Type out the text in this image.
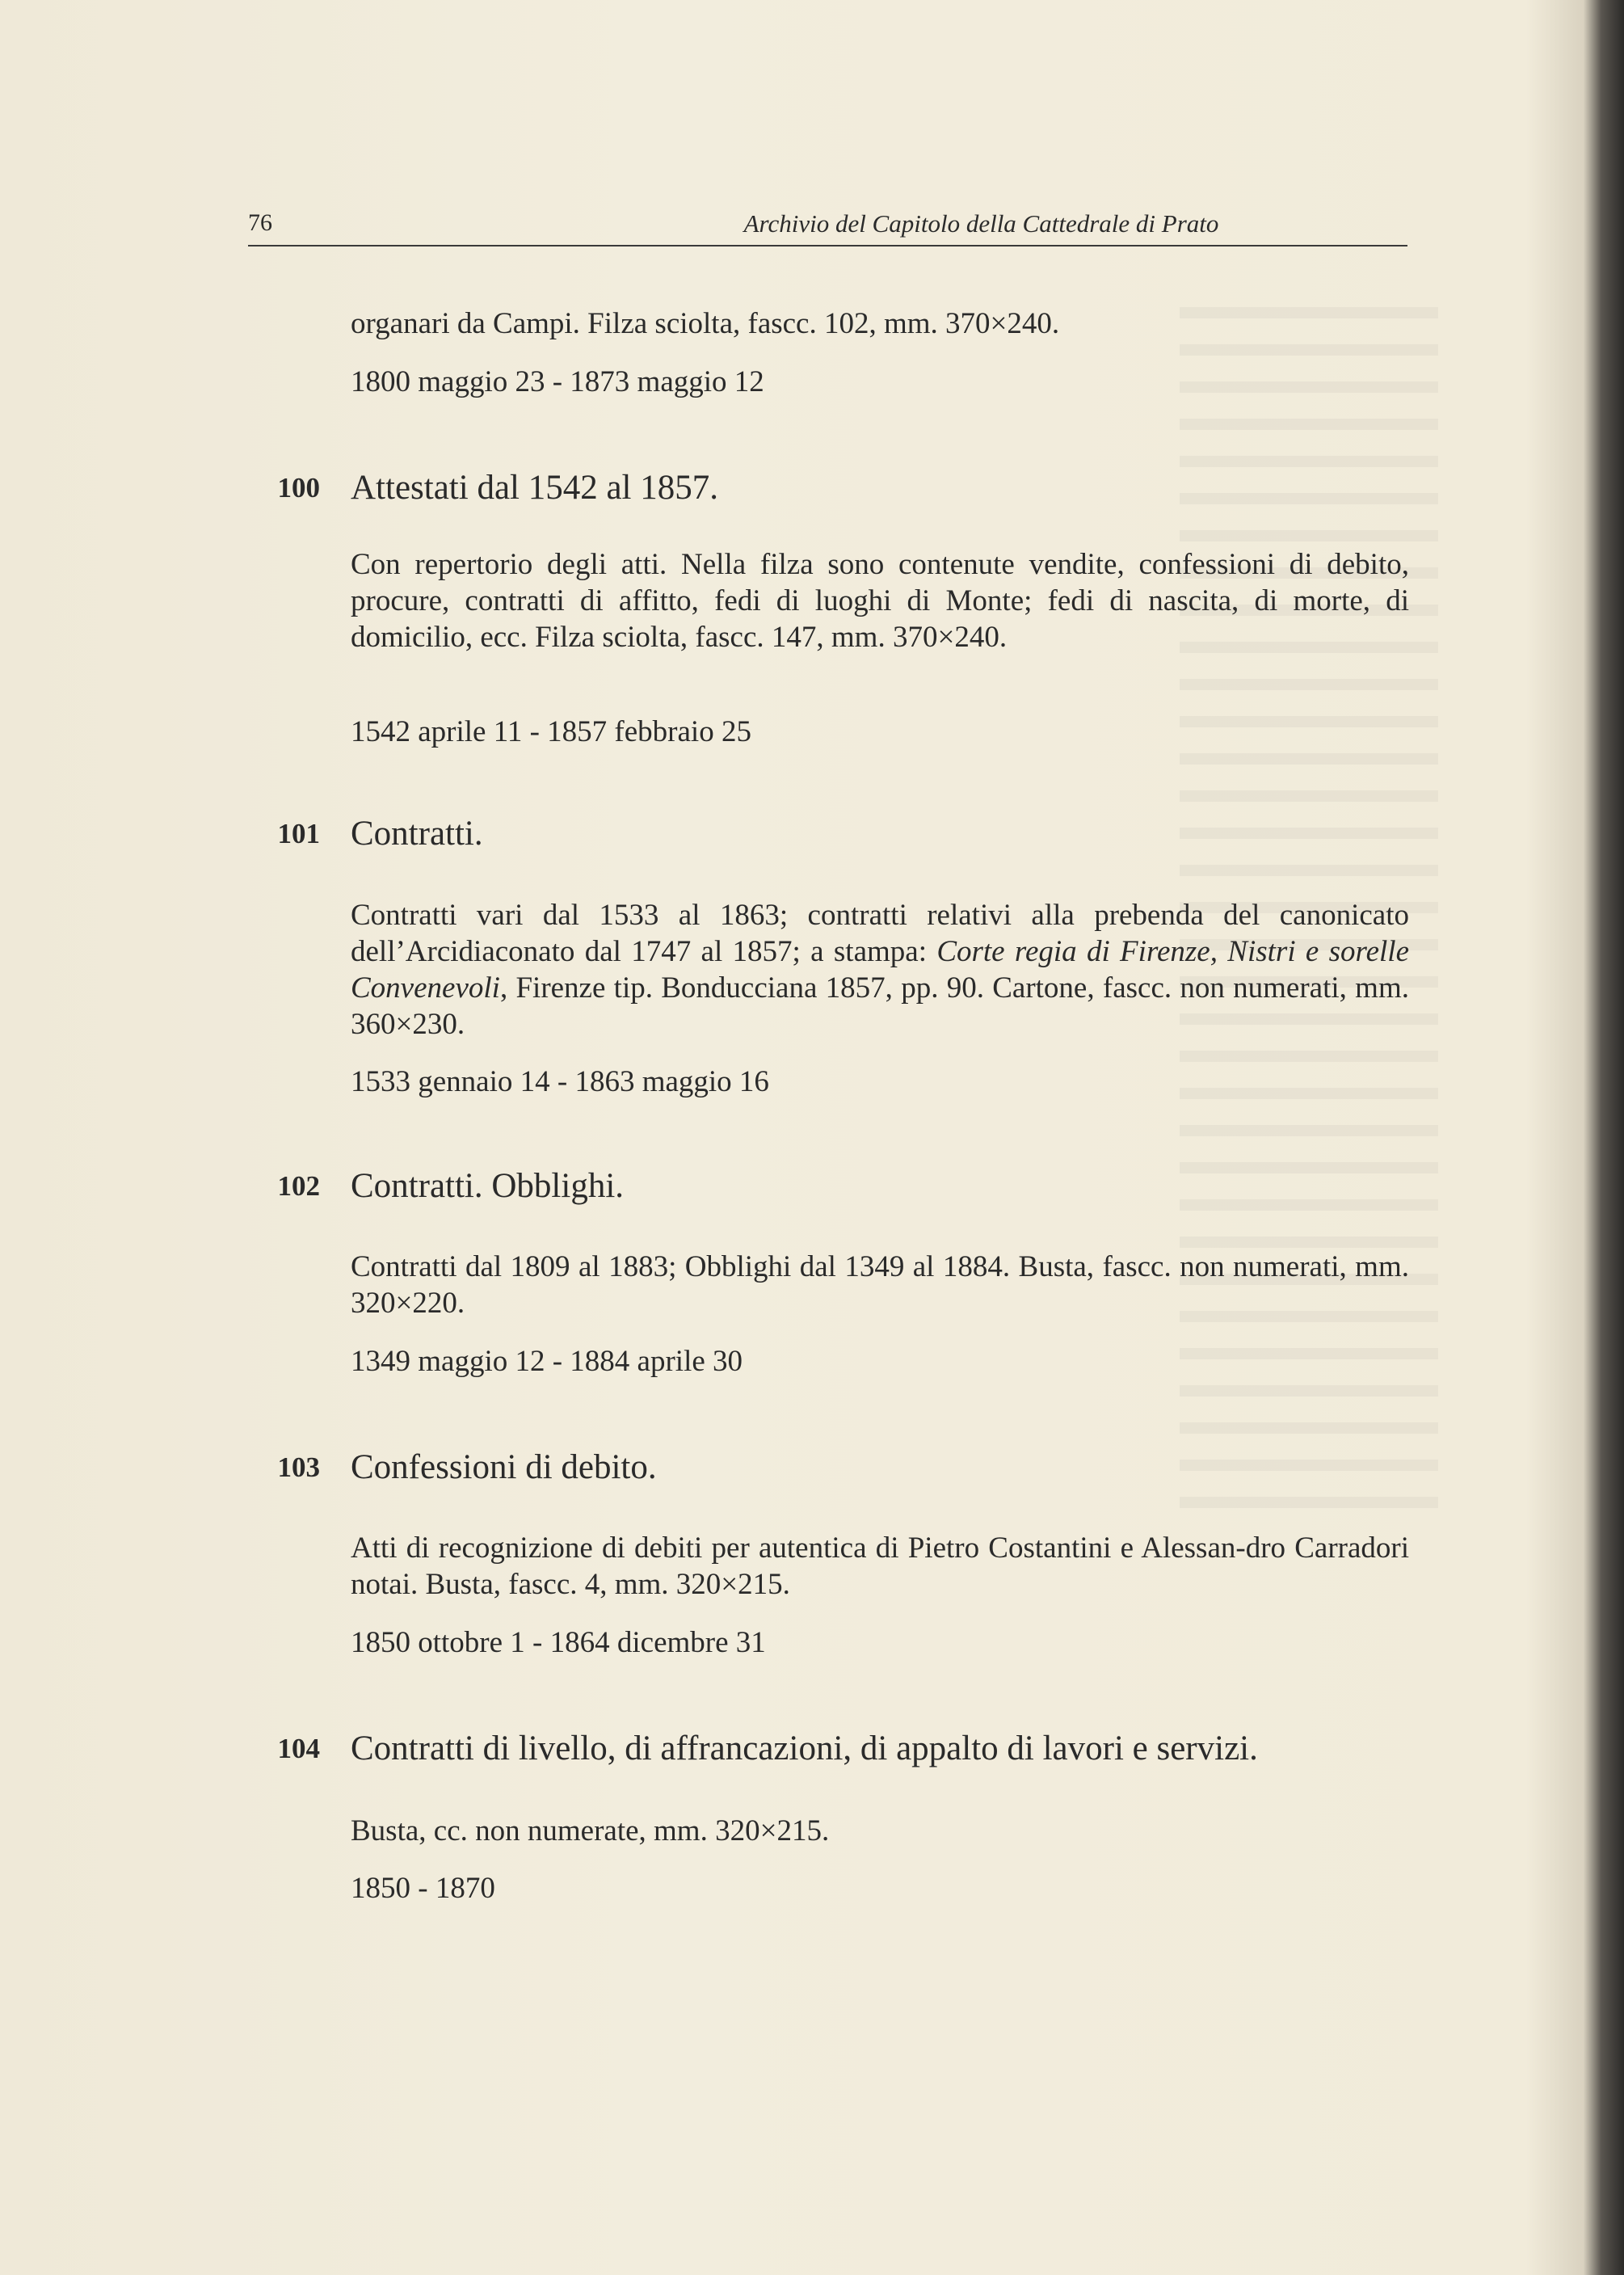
76	Archivio del Capitolo della Cattedrale di Prato
organari da Campi. Filza sciolta, fascc. 102, mm. 370×240.
1800 maggio 23 - 1873 maggio 12
100 Attestati dal 1542 al 1857.
Con repertorio degli atti. Nella filza sono contenute vendite, confessioni di debito, procure, contratti di affitto, fedi di luoghi di Monte; fedi di nascita, di morte, di domicilio, ecc. Filza sciolta, fascc. 147, mm. 370×240.
1542 aprile 11 - 1857 febbraio 25
101 Contratti.
Contratti vari dal 1533 al 1863; contratti relativi alla prebenda del canonicato dell’Arcidiaconato dal 1747 al 1857; a stampa: Corte regia di Firenze, Nistri e sorelle Convenevoli, Firenze tip. Bonducciana 1857, pp. 90. Cartone, fascc. non numerati, mm. 360×230.
1533 gennaio 14 - 1863 maggio 16
102 Contratti. Obblighi.
Contratti dal 1809 al 1883; Obblighi dal 1349 al 1884. Busta, fascc. non numerati, mm. 320×220.
1349 maggio 12 - 1884 aprile 30
103 Confessioni di debito.
Atti di recognizione di debiti per autentica di Pietro Costantini e Alessan-dro Carradori notai. Busta, fascc. 4, mm. 320×215.
1850 ottobre 1 - 1864 dicembre 31
104 Contratti di livello, di affrancazioni, di appalto di lavori e servizi.
Busta, cc. non numerate, mm. 320×215.
1850 - 1870
